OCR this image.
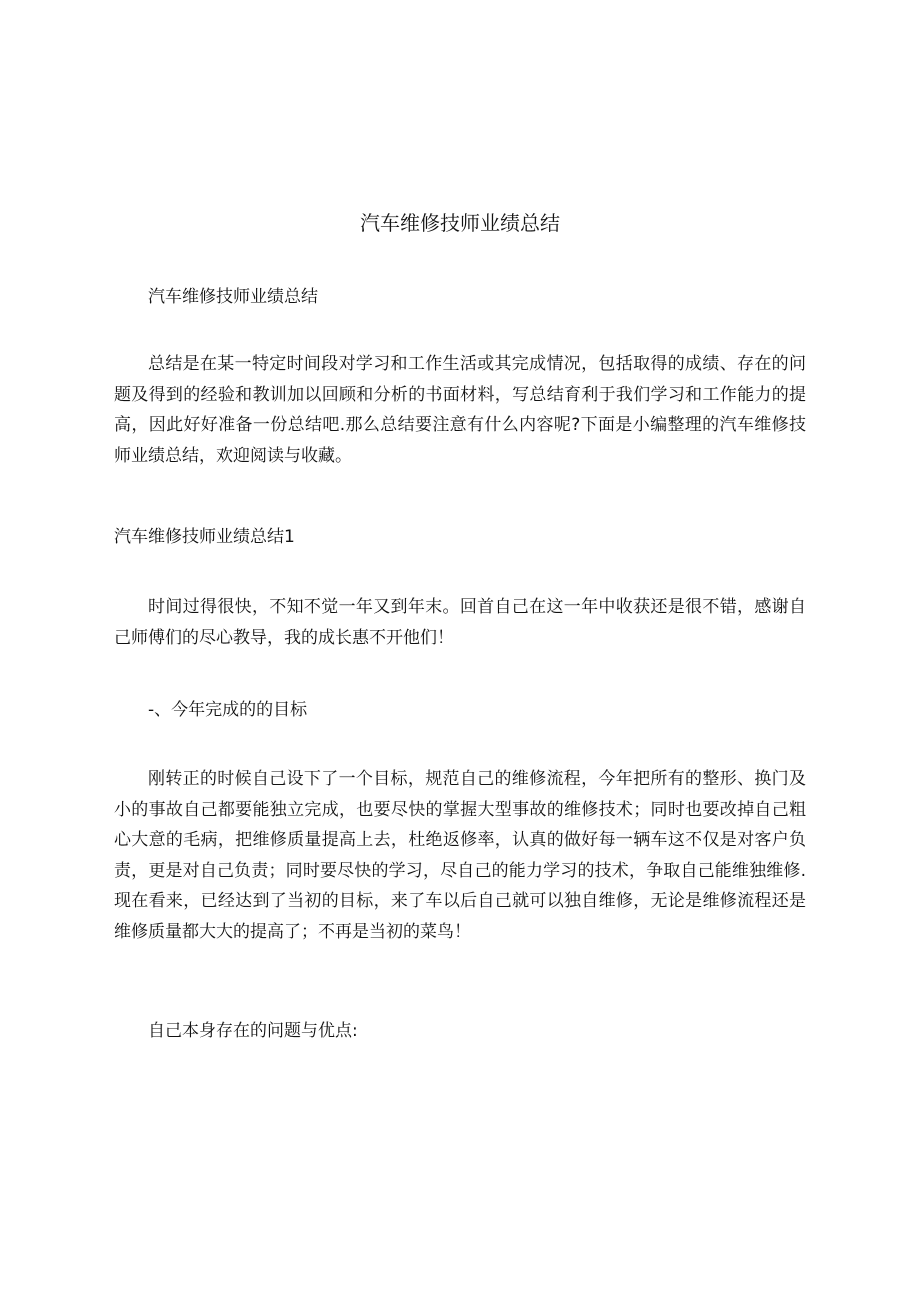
汽车维修技师业绩总结

汽车维修技师业绩总结

总结是在某一特定时间段对学习和工作生活或其完成情况，包括取得的成绩、存在的问题及得到的经验和教训加以回顾和分析的书面材料，写总结育利于我们学习和工作能力的提高，因此好好准备一份总结吧.那么总结要注意有什么内容呢?下面是小编整理的汽车维修技师业绩总结，欢迎阅读与收藏。

汽车维修技师业绩总结1

时间过得很快，不知不觉一年又到年末。回首自己在这一年中收获还是很不错，感谢自己师傅们的尽心教导，我的成长惠不开他们！

-、今年完成的的目标

刚转正的时候自己设下了一个目标，规范自己的维修流程，今年把所有的整形、换门及小的事故自己都要能独立完成，也要尽快的掌握大型事故的维修技术；同时也要改掉自己粗心大意的毛病，把维修质量提高上去，杜绝返修率，认真的做好每一辆车这不仅是对客户负责，更是对自己负责；同时要尽快的学习，尽自己的能力学习的技术，争取自己能维独维修.现在看来，已经达到了当初的目标，来了车以后自己就可以独自维修，无论是维修流程还是维修质量都大大的提高了；不再是当初的菜鸟！

自己本身存在的问题与优点:
